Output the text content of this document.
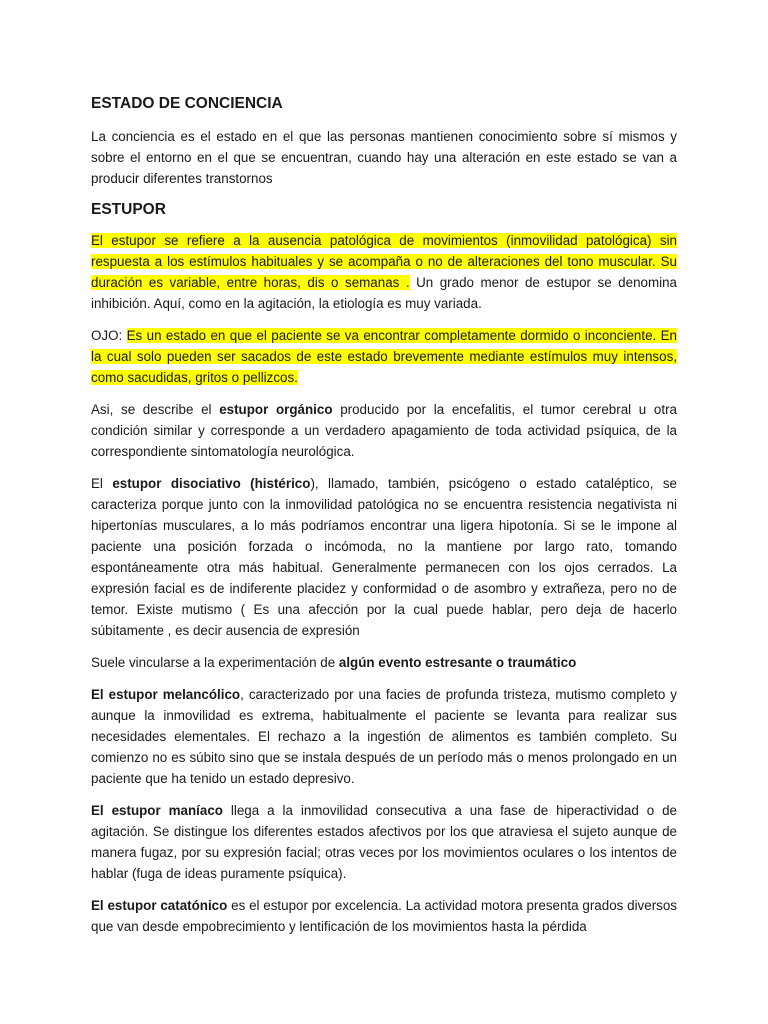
ESTADO DE CONCIENCIA

La conciencia es el estado en el que las personas mantienen conocimiento sobre sí mismos y sobre el entorno en el que se encuentran, cuando hay una alteración en este estado se van a producir diferentes transtornos

ESTUPOR

El estupor se refiere a la ausencia patológica de movimientos (inmovilidad patológica) sin respuesta a los estímulos habituales y se acompaña o no de alteraciones del tono muscular. Su duración es variable, entre horas, dis o semanas . Un grado menor de estupor se denomina inhibición. Aquí, como en la agitación, la etiología es muy variada.

OJO: Es un estado en que el paciente se va encontrar completamente dormido o inconciente. En la cual solo pueden ser sacados de este estado brevemente mediante estímulos muy intensos, como sacudidas, gritos o pellizcos.

Asi, se describe el estupor orgánico producido por la encefalitis, el tumor cerebral u otra condición similar y corresponde a un verdadero apagamiento de toda actividad psíquica, de la correspondiente sintomatología neurológica.

El estupor disociativo (histérico), llamado, también, psicógeno o estado cataléptico, se caracteriza porque junto con la inmovilidad patológica no se encuentra resistencia negativista ni hipertonías musculares, a lo más podríamos encontrar una ligera hipotonía. Si se le impone al paciente una posición forzada o incómoda, no la mantiene por largo rato, tomando espontáneamente otra más habitual. Generalmente permanecen con los ojos cerrados. La expresión facial es de indiferente placidez y conformidad o de asombro y extrañeza, pero no de temor. Existe mutismo ( Es una afección por la cual puede hablar, pero deja de hacerlo súbitamente , es decir ausencia de expresión

Suele vincularse a la experimentación de algún evento estresante o traumático

El estupor melancólico, caracterizado por una facies de profunda tristeza, mutismo completo y aunque la inmovilidad es extrema, habitualmente el paciente se levanta para realizar sus necesidades elementales. El rechazo a la ingestión de alimentos es también completo. Su comienzo no es súbito sino que se instala después de un período más o menos prolongado en un paciente que ha tenido un estado depresivo.

El estupor maníaco llega a la inmovilidad consecutiva a una fase de hiperactividad o de agitación. Se distingue los diferentes estados afectivos por los que atraviesa el sujeto aunque de manera fugaz, por su expresión facial; otras veces por los movimientos oculares o los intentos de hablar (fuga de ideas puramente psíquica).

El estupor catatónico es el estupor por excelencia. La actividad motora presenta grados diversos que van desde empobrecimiento y lentificación de los movimientos hasta la pérdida
